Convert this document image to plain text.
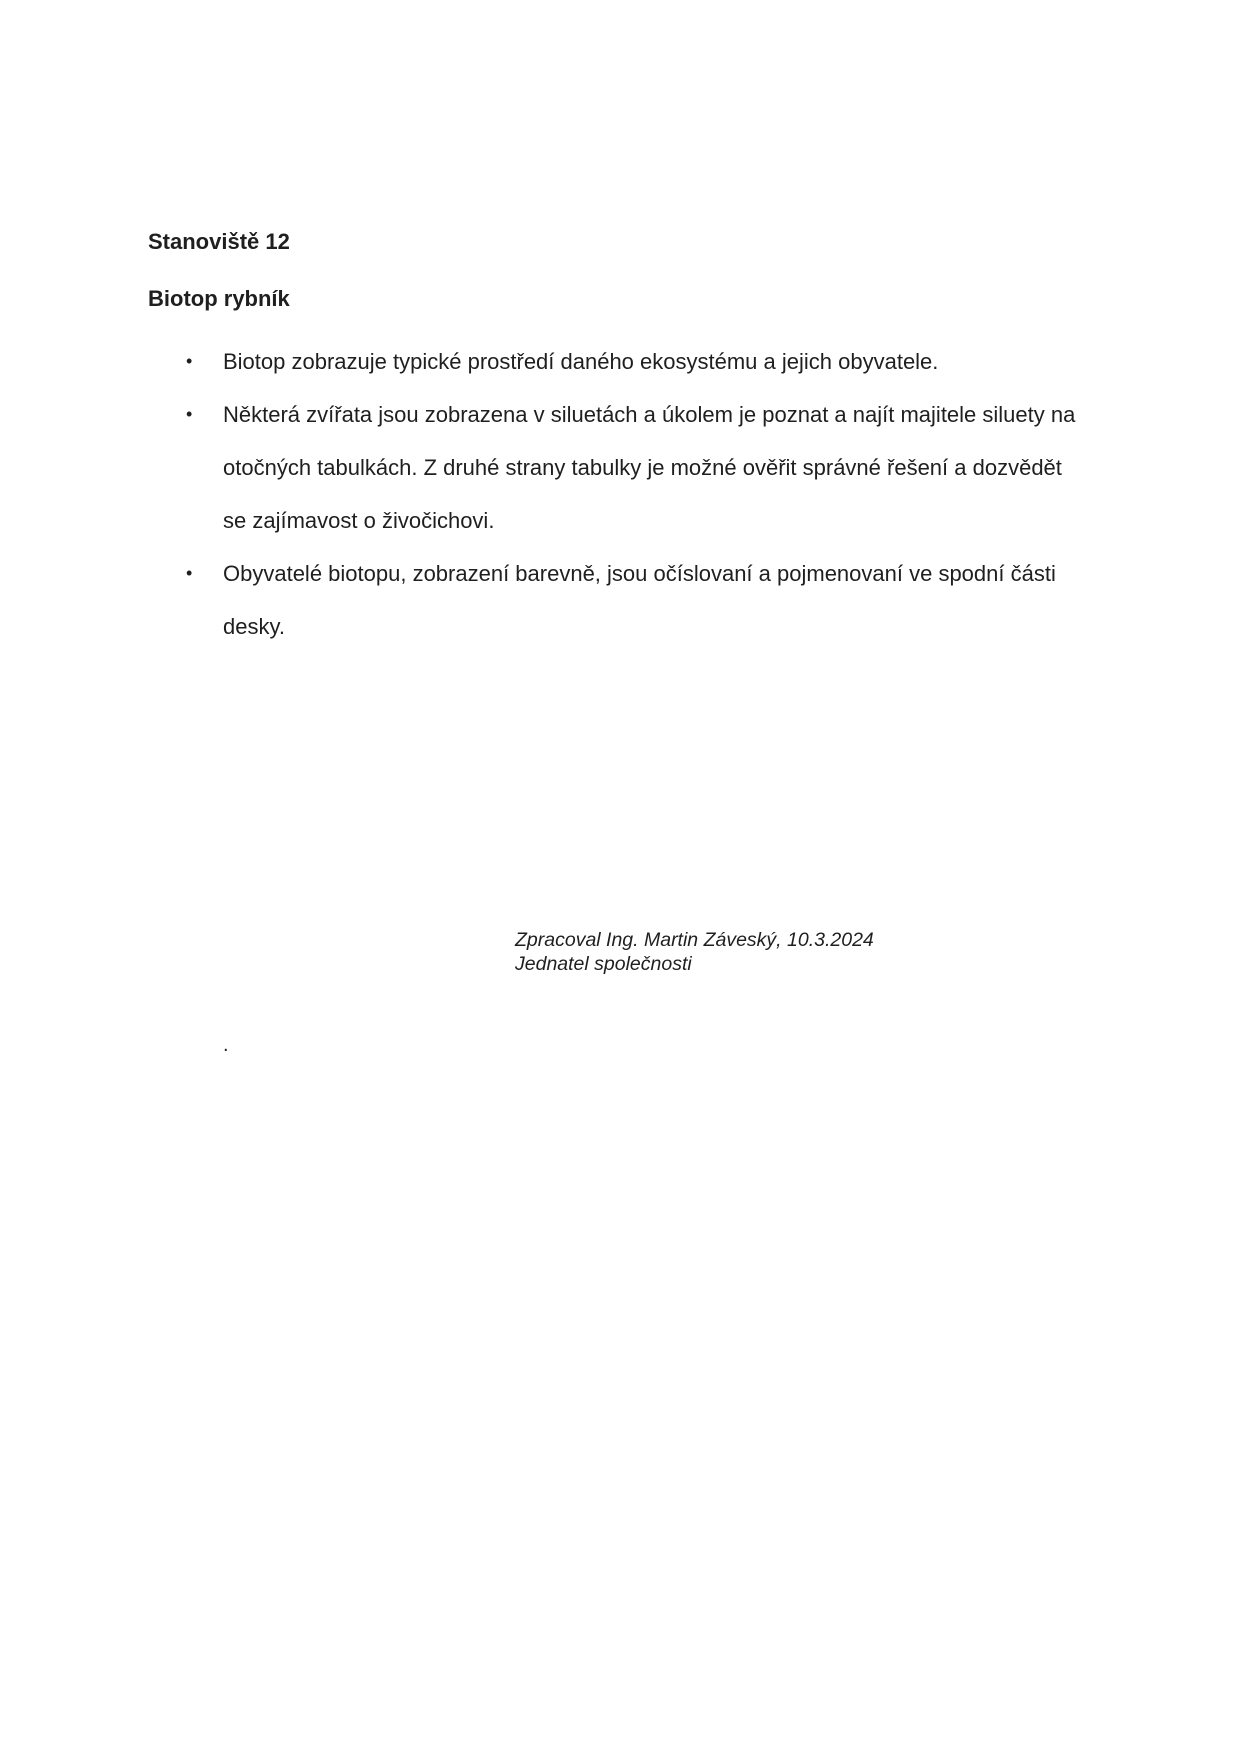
Stanoviště 12

Biotop rybník

•	Biotop zobrazuje typické prostředí daného ekosystému a jejich obyvatele.
•	Některá zvířata jsou zobrazena v siluetách a úkolem je poznat a najít majitele siluety na otočných tabulkách. Z druhé strany tabulky je možné ověřit správné řešení a dozvědět se zajímavost o živočichovi.
•	Obyvatelé biotopu, zobrazení barevně, jsou očíslovaní a pojmenovaní ve spodní části desky.
Zpracoval Ing. Martin Záveský, 10.3.2024
Jednatel společnosti
.
